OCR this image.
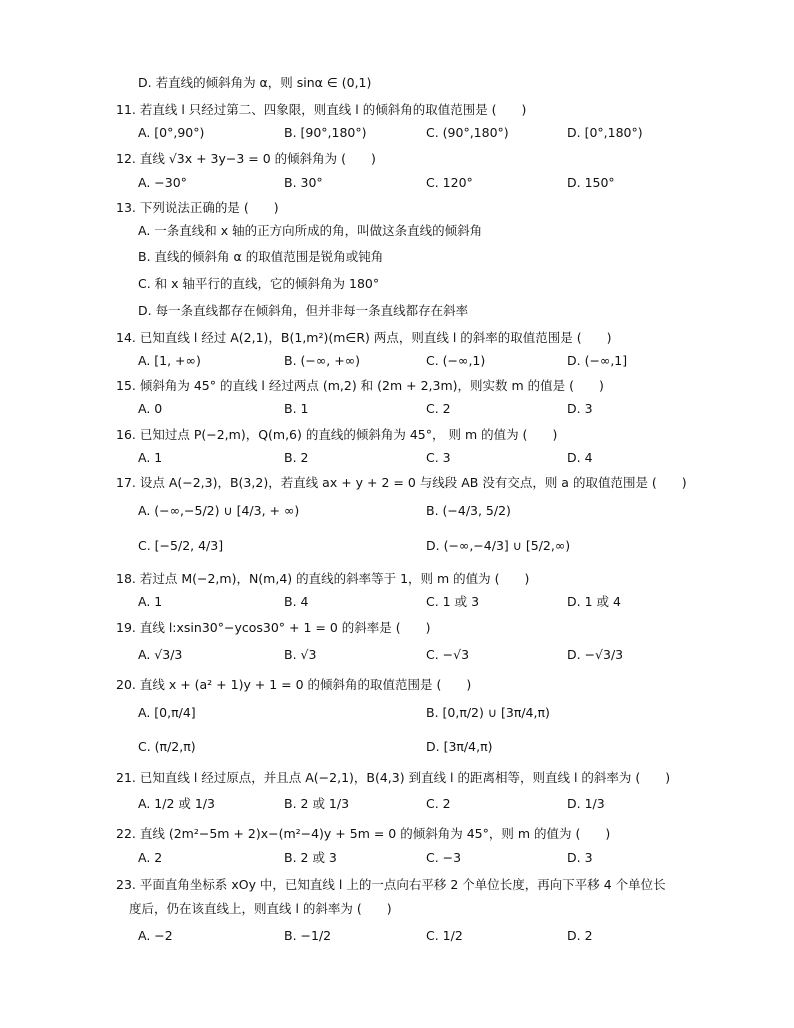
D. 若直线的倾斜角为 α，则 sinα ∈ (0,1)
11. 若直线 l 只经过第二、四象限，则直线 l 的倾斜角的取值范围是 (　　)
A. [0°,90°)	B. [90°,180°)	C. (90°,180°)	D. [0°,180°)
12. 直线 √3x + 3y−3 = 0 的倾斜角为 (　　)
A. −30°	B. 30°	C. 120°	D. 150°
13. 下列说法正确的是 (　　)
A. 一条直线和 x 轴的正方向所成的角，叫做这条直线的倾斜角
B. 直线的倾斜角 α 的取值范围是锐角或钝角
C. 和 x 轴平行的直线，它的倾斜角为 180°
D. 每一条直线都存在倾斜角，但并非每一条直线都存在斜率
14. 已知直线 l 经过 A(2,1)，B(1,m²)(m∈R) 两点，则直线 l 的斜率的取值范围是 (　　)
A. [1, +∞)	B. (−∞, +∞)	C. (−∞,1)	D. (−∞,1]
15. 倾斜角为 45° 的直线 l 经过两点 (m,2) 和 (2m + 2,3m)，则实数 m 的值是 (　　)
A. 0	B. 1	C. 2	D. 3
16. 已知过点 P(−2,m)，Q(m,6) 的直线的倾斜角为 45°， 则 m 的值为 (　　)
A. 1	B. 2	C. 3	D. 4
17. 设点 A(−2,3)，B(3,2)，若直线 ax + y + 2 = 0 与线段 AB 没有交点，则 a 的取值范围是 (　　)
A. (−∞,−5/2) ∪ [4/3, + ∞)	B. (−4/3, 5/2)
C. [−5/2, 4/3]	D. (−∞,−4/3] ∪ [5/2,∞)
18. 若过点 M(−2,m)，N(m,4) 的直线的斜率等于 1，则 m 的值为 (　　)
A. 1	B. 4	C. 1 或 3	D. 1 或 4
19. 直线 l:xsin30°−ycos30° + 1 = 0 的斜率是 (　　)
A. √3/3	B. √3	C. −√3	D. −√3/3
20. 直线 x + (a² + 1)y + 1 = 0 的倾斜角的取值范围是 (　　)
A. [0,π/4]	B. [0,π/2) ∪ [3π/4,π)
C. (π/2,π)	D. [3π/4,π)
21. 已知直线 l 经过原点，并且点 A(−2,1)，B(4,3) 到直线 l 的距离相等，则直线 l 的斜率为 (　　)
A. 1/2 或 1/3	B. 2 或 1/3	C. 2	D. 1/3
22. 直线 (2m²−5m + 2)x−(m²−4)y + 5m = 0 的倾斜角为 45°，则 m 的值为 (　　)
A. 2	B. 2 或 3	C. −3	D. 3
23. 平面直角坐标系 xOy 中，已知直线 l 上的一点向右平移 2 个单位长度，再向下平移 4 个单位长
度后，仍在该直线上，则直线 l 的斜率为 (　　)
A. −2	B. −1/2	C. 1/2	D. 2
